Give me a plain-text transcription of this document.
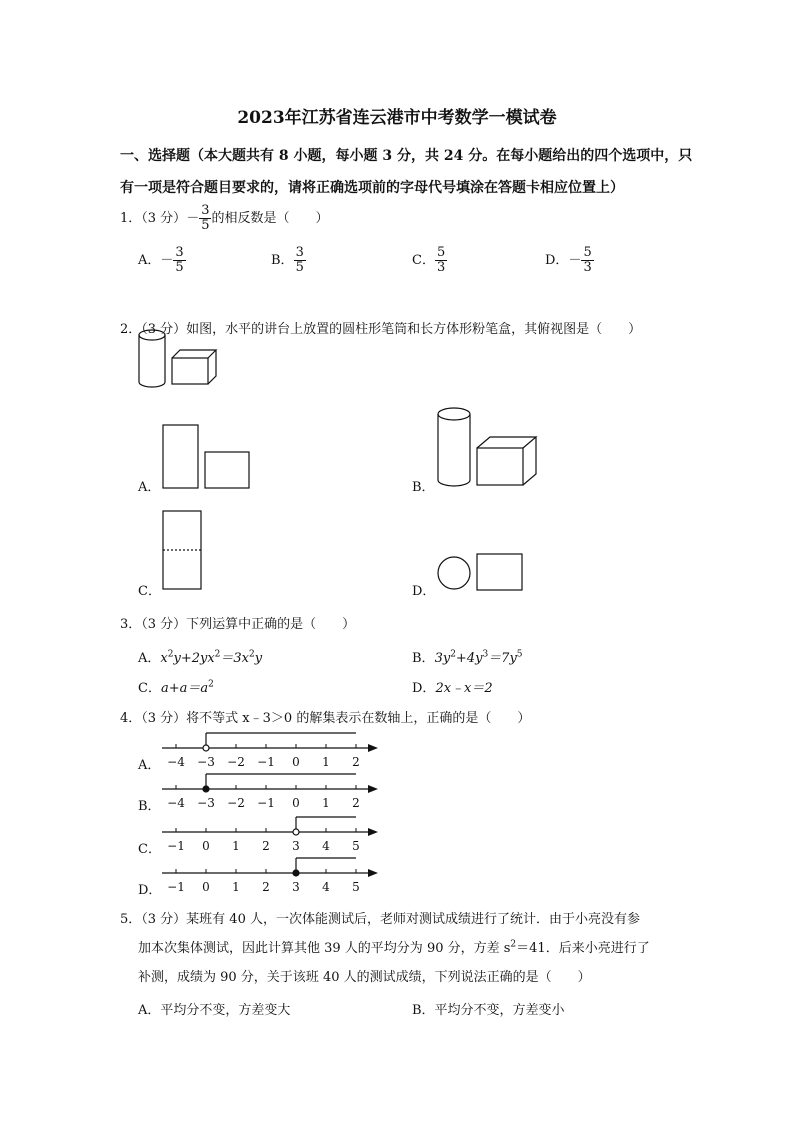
2023年江苏省连云港市中考数学一模试卷
一、选择题（本大题共有 8 小题，每小题 3 分，共 24 分。在每小题给出的四个选项中，只
有一项是符合题目要求的，请将正确选项前的字母代号填涂在答题卡相应位置上）
1．（3 分）－ $\frac{3}{5}$ 的相反数是（　　）
A．－ $\frac{3}{5}$	B． $\frac{3}{5}$	C． $\frac{5}{3}$	D．－ $\frac{5}{3}$
2．（3 分）如图，水平的讲台上放置的圆柱形笔筒和长方体形粉笔盒，其俯视图是（　　）
A．	B．
C．	D．
3．（3 分）下列运算中正确的是（　　）
A．$x^2y+2yx^2=3x^2y$	B．$3y^2+4y^3=7y^5$
C．$a+a=a^2$	D．2x﹣x＝2
4．（3 分）将不等式 x﹣3＞0 的解集表示在数轴上，正确的是（　　）
A． −4 −3 −2 −1 0 1 2
B． −4 −3 −2 −1 0 1 2
C． −1 0 1 2 3 4 5
D． −1 0 1 2 3 4 5
5．（3 分）某班有 40 人，一次体能测试后，老师对测试成绩进行了统计．由于小亮没有参
加本次集体测试，因此计算其他 39 人的平均分为 90 分，方差 $s^2=41$．后来小亮进行了
补测，成绩为 90 分，关于该班 40 人的测试成绩，下列说法正确的是（　　）
A．平均分不变，方差变大	B．平均分不变，方差变小
